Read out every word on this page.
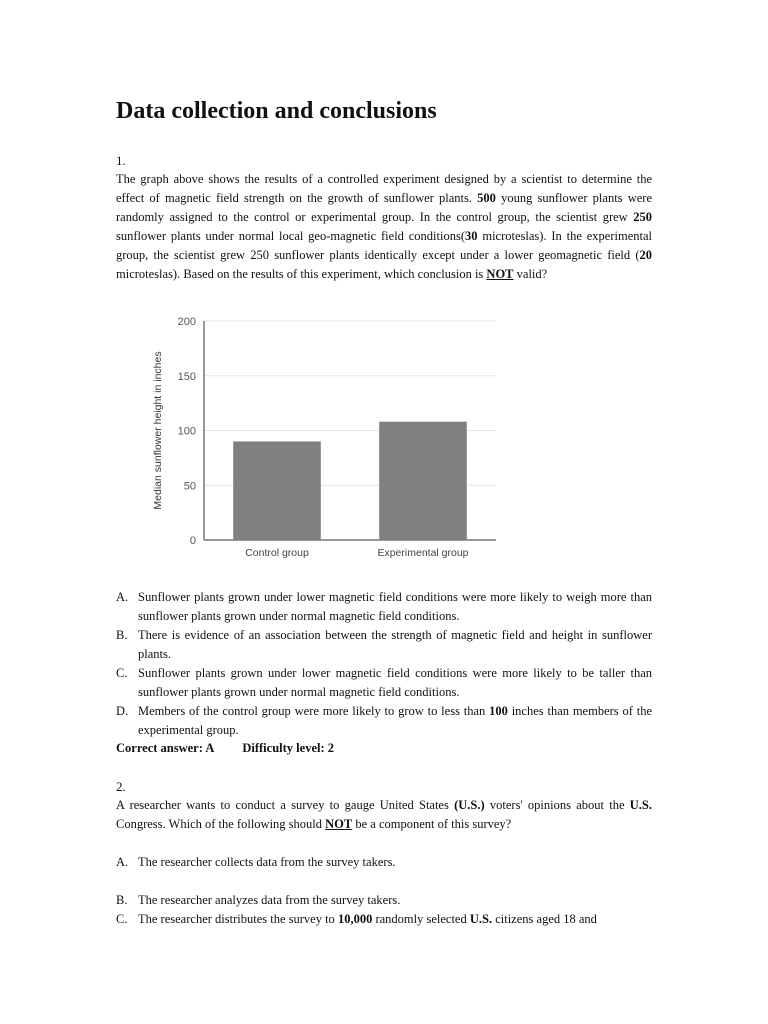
Data collection and conclusions
1.

The graph above shows the results of a controlled experiment designed by a scientist to determine the effect of magnetic field strength on the growth of sunflower plants. 500 young sunflower plants were randomly assigned to the control or experimental group. In the control group, the scientist grew 250 sunflower plants under normal local geo-magnetic field conditions(30 microteslas). In the experimental group, the scientist grew 250 sunflower plants identically except under a lower geomagnetic field (20 microteslas). Based on the results of this experiment, which conclusion is NOT valid?

A. Sunflower plants grown under lower magnetic field conditions were more likely to weigh more than sunflower plants grown under normal magnetic field conditions.
B. There is evidence of an association between the strength of magnetic field and height in sunflower plants.
C. Sunflower plants grown under lower magnetic field conditions were more likely to be taller than sunflower plants grown under normal magnetic field conditions.
D. Members of the control group were more likely to grow to less than 100 inches than members of the experimental group.
Correct answer: A Difficulty level: 2
2.

A researcher wants to conduct a survey to gauge United States (U.S.) voters' opinions about the U.S. Congress. Which of the following should NOT be a component of this survey?

A. The researcher collects data from the survey takers.
B. The researcher analyzes data from the survey takers.
C. The researcher distributes the survey to 10,000 randomly selected U.S. citizens aged 18 and
0
50
100
150
200
Control group	Experimental group
Median sunflower height in inches
